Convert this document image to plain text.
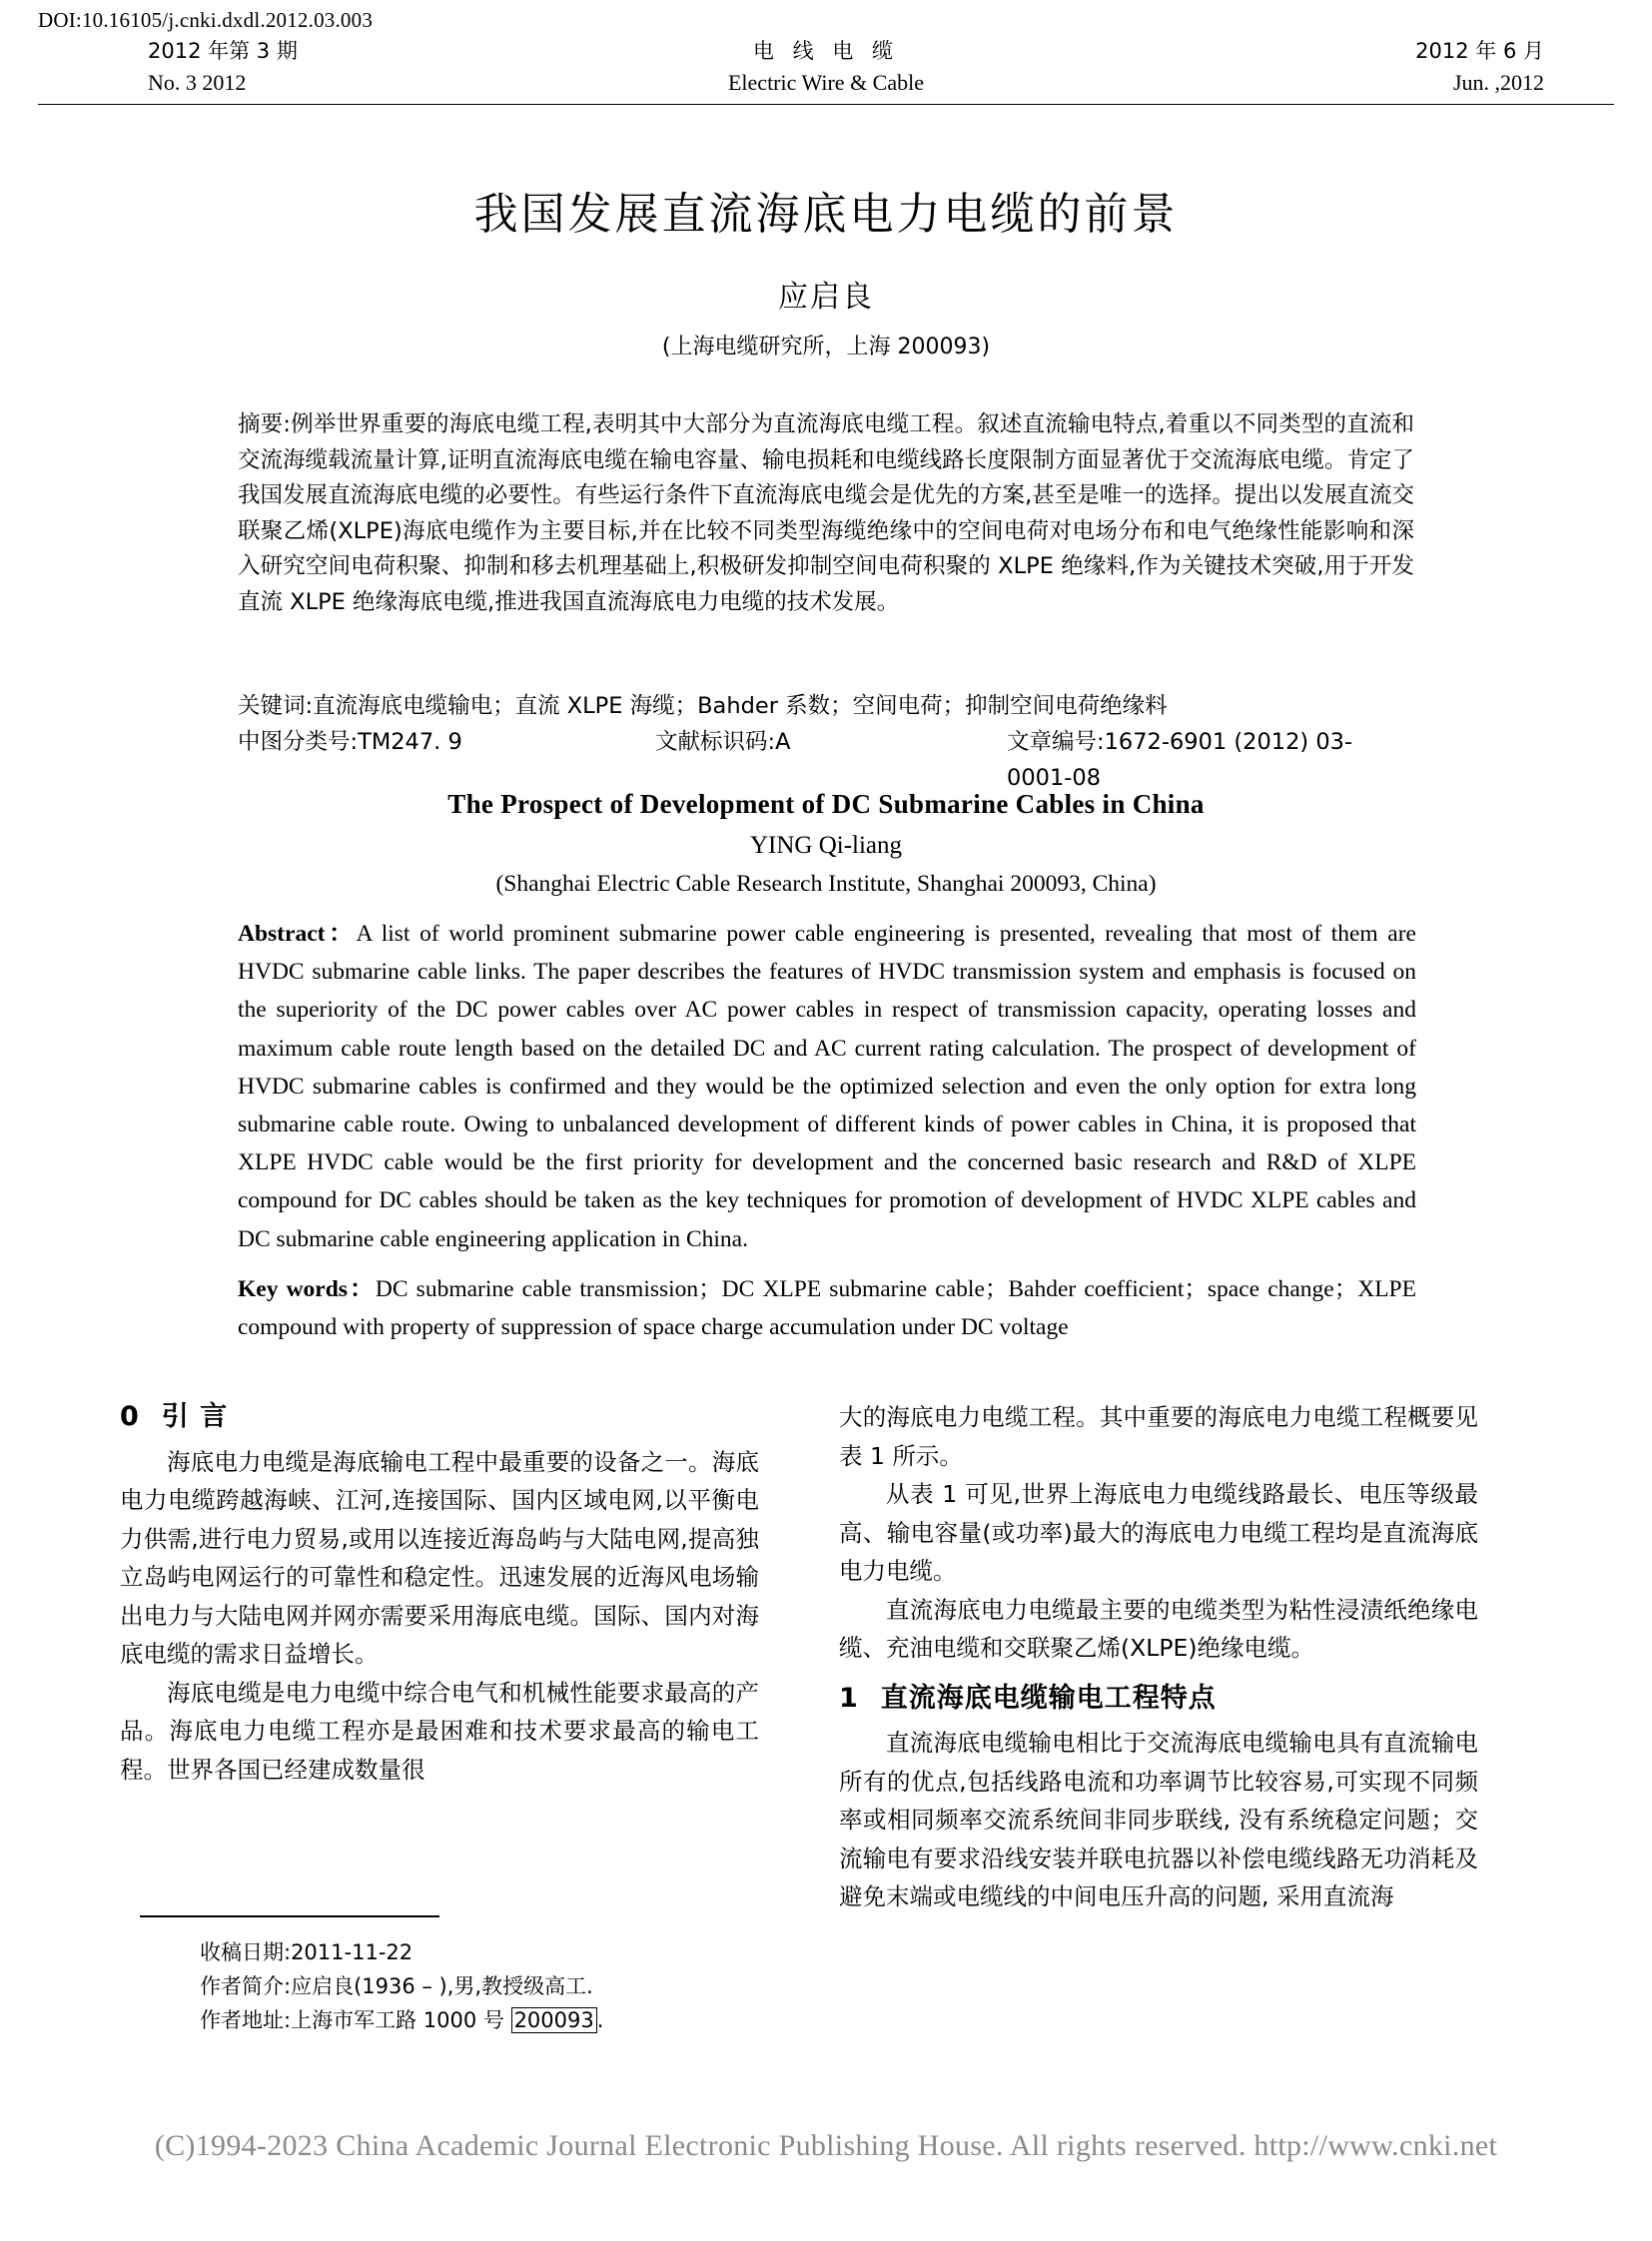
DOI:10.16105/j.cnki.dxdl.2012.03.003
2012 年第 3 期
No. 3 2012
电 线 电 缆
Electric Wire & Cable
2012 年 6 月
Jun. ,2012
我国发展直流海底电力电缆的前景
应启良
(上海电缆研究所，上海 200093)

摘要:例举世界重要的海底电缆工程,表明其中大部分为直流海底电缆工程。叙述直流输电特点,着重以不同类型的直流和交流海缆载流量计算,证明直流海底电缆在输电容量、输电损耗和电缆线路长度限制方面显著优于交流海底电缆。肯定了我国发展直流海底电缆的必要性。有些运行条件下直流海底电缆会是优先的方案,甚至是唯一的选择。提出以发展直流交联聚乙烯(XLPE)海底电缆作为主要目标,并在比较不同类型海缆绝缘中的空间电荷对电场分布和电气绝缘性能影响和深入研究空间电荷积聚、抑制和移去机理基础上,积极研发抑制空间电荷积聚的 XLPE 绝缘料,作为关键技术突破,用于开发直流 XLPE 绝缘海底电缆,推进我国直流海底电力电缆的技术发展。

关键词:直流海底电缆输电；直流 XLPE 海缆；Bahder 系数；空间电荷；抑制空间电荷绝缘料
中图分类号:TM247. 9	文献标识码:A	文章编号:1672-6901 (2012) 03-0001-08
The Prospect of Development of DC Submarine Cables in China
YING Qi-liang
(Shanghai Electric Cable Research Institute, Shanghai 200093, China)

Abstract：A list of world prominent submarine power cable engineering is presented, revealing that most of them are HVDC submarine cable links. The paper describes the features of HVDC transmission system and emphasis is focused on the superiority of the DC power cables over AC power cables in respect of transmission capacity, operating losses and maximum cable route length based on the detailed DC and AC current rating calculation. The prospect of development of HVDC submarine cables is confirmed and they would be the optimized selection and even the only option for extra long submarine cable route. Owing to unbalanced development of different kinds of power cables in China, it is proposed that XLPE HVDC cable would be the first priority for development and the concerned basic research and R&D of XLPE compound for DC cables should be taken as the key techniques for promotion of development of HVDC XLPE cables and DC submarine cable engineering application in China.

Key words：DC submarine cable transmission；DC XLPE submarine cable；Bahder coefficient；space change；XLPE compound with property of suppression of space charge accumulation under DC voltage

0 引 言

海底电力电缆是海底输电工程中最重要的设备之一。海底电力电缆跨越海峡、江河,连接国际、国内区域电网,以平衡电力供需,进行电力贸易,或用以连接近海岛屿与大陆电网,提高独立岛屿电网运行的可靠性和稳定性。迅速发展的近海风电场输出电力与大陆电网并网亦需要采用海底电缆。国际、国内对海底电缆的需求日益增长。

海底电缆是电力电缆中综合电气和机械性能要求最高的产品。海底电力电缆工程亦是最困难和技术要求最高的输电工程。世界各国已经建成数量很

大的海底电力电缆工程。其中重要的海底电力电缆工程概要见表 1 所示。

从表 1 可见,世界上海底电力电缆线路最长、电压等级最高、输电容量(或功率)最大的海底电力电缆工程均是直流海底电力电缆。

直流海底电力电缆最主要的电缆类型为粘性浸渍纸绝缘电缆、充油电缆和交联聚乙烯(XLPE)绝缘电缆。

1 直流海底电缆输电工程特点

直流海底电缆输电相比于交流海底电缆输电具有直流输电所有的优点,包括线路电流和功率调节比较容易,可实现不同频率或相同频率交流系统间非同步联线, 没有系统稳定问题；交流输电有要求沿线安装并联电抗器以补偿电缆线路无功消耗及避免末端或电缆线的中间电压升高的问题, 采用直流海

收稿日期:2011-11-22

作者简介:应启良(1936 – ),男,教授级高工.

作者地址:上海市军工路 1000 号 200093 .

(C)1994-2023 China Academic Journal Electronic Publishing House. All rights reserved. http://www.cnki.net
